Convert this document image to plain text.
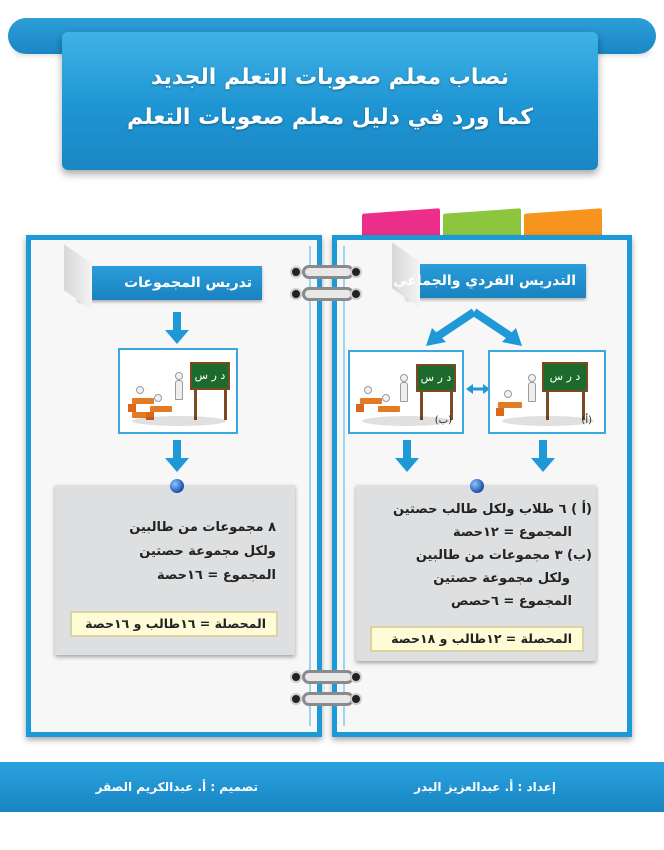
نصاب معلم صعوبات التعلم الجديد
كما ورد في دليل معلم صعوبات التعلم
تدريس المجموعات
د ر س
٨ مجموعات من طالبين
ولكل مجموعة حصتين
المجموع = ١٦حصة
المحصلة = ١٦طالب و ١٦حصة
التدريس الفردي والجماعي
د ر س
(ب)
د ر س
(أ)
(أ ) ٦ طلاب ولكل طالب حصتين
المجموع = ١٢حصة
(ب) ٣ مجموعات من طالبين
ولكل مجموعة حصتين
المجموع = ٦حصص
المحصلة = ١٢طالب و ١٨حصة
إعداد : أ. عبدالعزيز البدر
تصميم : أ. عبدالكريم الصقر
